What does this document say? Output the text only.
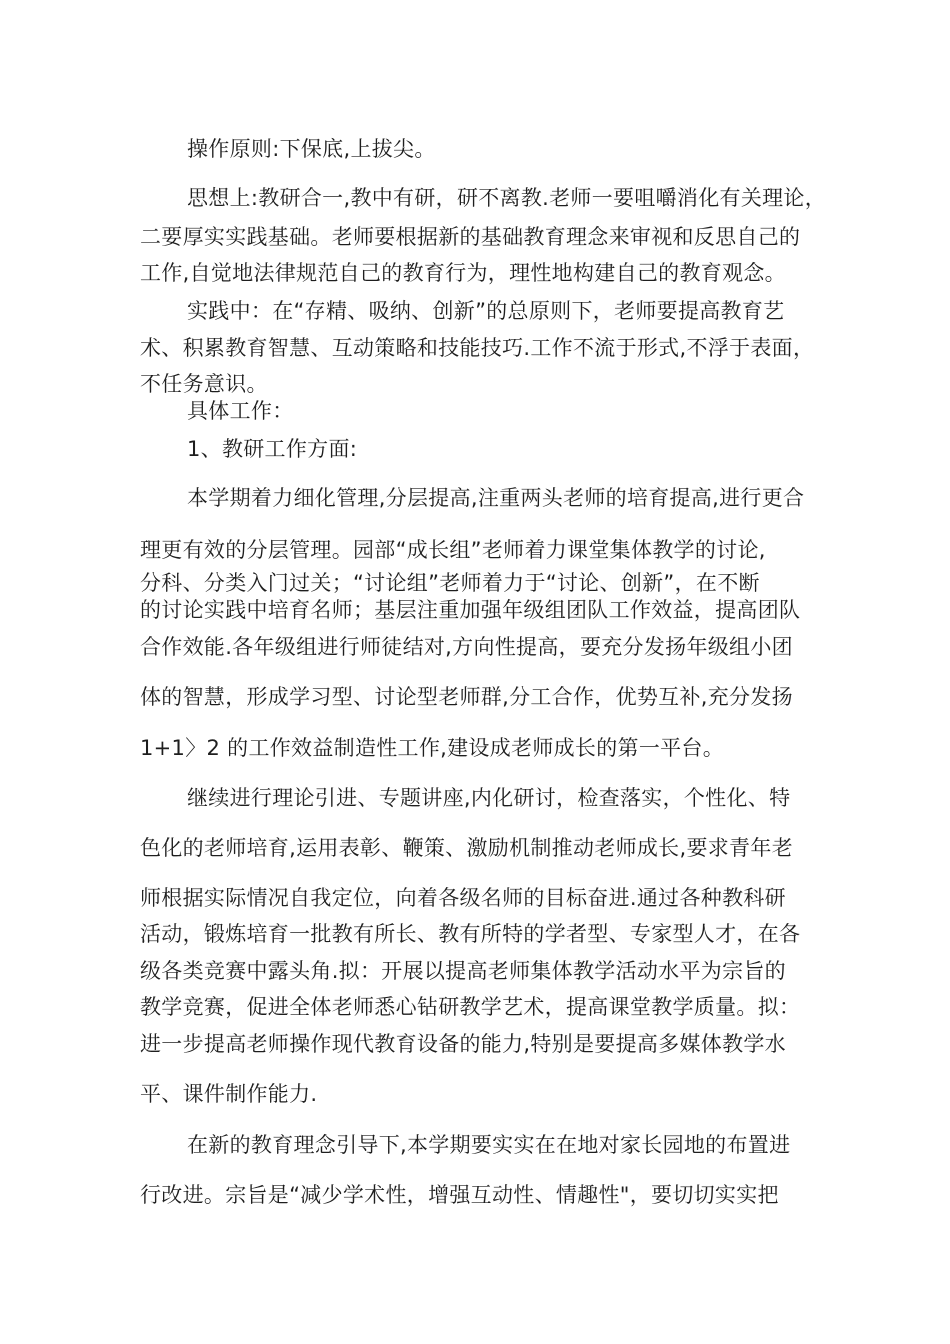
操作原则:下保底,上拔尖。
思想上:教研合一,教中有研，研不离教.老师一要咀嚼消化有关理论，
二要厚实实践基础。老师要根据新的基础教育理念来审视和反思自己的
工作,自觉地法律规范自己的教育行为，理性地构建自己的教育观念。
实践中：在“存精、吸纳、创新”的总原则下，老师要提高教育艺
术、积累教育智慧、互动策略和技能技巧.工作不流于形式,不浮于表面，
不任务意识。
具体工作：
1、教研工作方面:
本学期着力细化管理,分层提高,注重两头老师的培育提高,进行更合
理更有效的分层管理。园部“成长组”老师着力课堂集体教学的讨论,
分科、分类入门过关；“讨论组”老师着力于“讨论、创新”，在不断
的讨论实践中培育名师；基层注重加强年级组团队工作效益，提高团队
合作效能.各年级组进行师徒结对,方向性提高，要充分发扬年级组小团
体的智慧，形成学习型、讨论型老师群,分工合作，优势互补,充分发扬
1+1〉2 的工作效益制造性工作,建设成老师成长的第一平台。
继续进行理论引进、专题讲座,内化研讨，检查落实，个性化、特
色化的老师培育,运用表彰、鞭策、激励机制推动老师成长,要求青年老
师根据实际情况自我定位，向着各级名师的目标奋进.通过各种教科研
活动，锻炼培育一批教有所长、教有所特的学者型、专家型人才，在各
级各类竞赛中露头角.拟：开展以提高老师集体教学活动水平为宗旨的
教学竞赛，促进全体老师悉心钻研教学艺术，提高课堂教学质量。拟：
进一步提高老师操作现代教育设备的能力,特别是要提高多媒体教学水
平、课件制作能力.
在新的教育理念引导下,本学期要实实在在地对家长园地的布置进
行改进。宗旨是“减少学术性，增强互动性、情趣性"，要切切实实把
